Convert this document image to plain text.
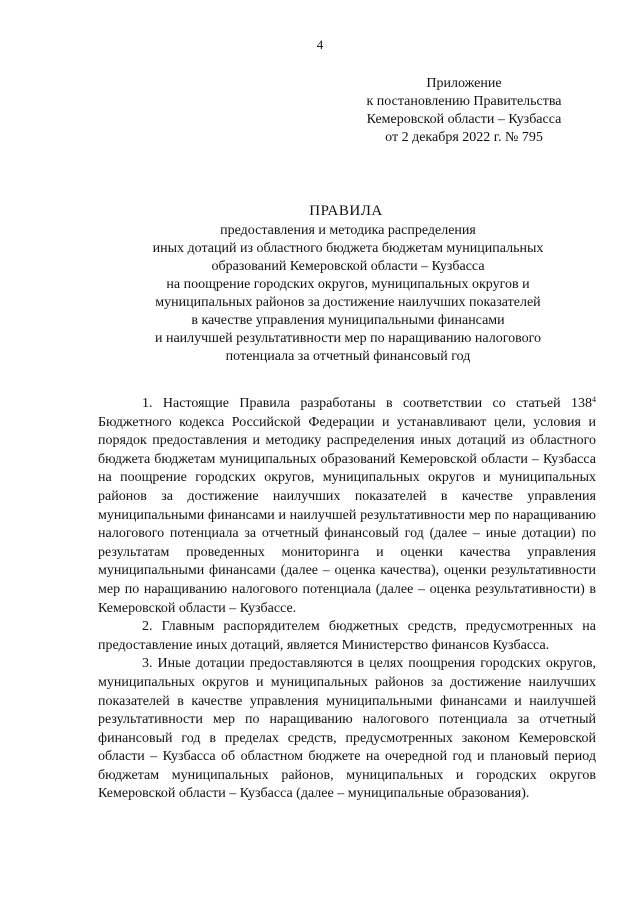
4
Приложение
к постановлению Правительства
Кемеровской области – Кузбасса
от 2 декабря 2022 г. № 795
ПРАВИЛА
предоставления и методика распределения
иных дотаций из областного бюджета бюджетам муниципальных
образований Кемеровской области – Кузбасса
на поощрение городских округов, муниципальных округов и
муниципальных районов за достижение наилучших показателей
в качестве управления муниципальными финансами
и наилучшей результативности мер по наращиванию налогового
потенциала за отчетный финансовый год

1. Настоящие Правила разработаны в соответствии со статьей $138^4$ Бюджетного кодекса Российской Федерации и устанавливают цели, условия и порядок предоставления и методику распределения иных дотаций из областного бюджета бюджетам муниципальных образований Кемеровской области – Кузбасса на поощрение городских округов, муниципальных округов и муниципальных районов за достижение наилучших показателей в качестве управления муниципальными финансами и наилучшей результативности мер по наращиванию налогового потенциала за отчетный финансовый год (далее – иные дотации) по результатам проведенных мониторинга и оценки качества управления муниципальными финансами (далее – оценка качества), оценки результативности мер по наращиванию налогового потенциала (далее – оценка результативности) в Кемеровской области – Кузбассе.

2. Главным распорядителем бюджетных средств, предусмотренных на предоставление иных дотаций, является Министерство финансов Кузбасса.

3. Иные дотации предоставляются в целях поощрения городских округов, муниципальных округов и муниципальных районов за достижение наилучших показателей в качестве управления муниципальными финансами и наилучшей результативности мер по наращиванию налогового потенциала за отчетный финансовый год в пределах средств, предусмотренных законом Кемеровской области – Кузбасса об областном бюджете на очередной год и плановый период бюджетам муниципальных районов, муниципальных и городских округов Кемеровской области – Кузбасса (далее – муниципальные образования).
